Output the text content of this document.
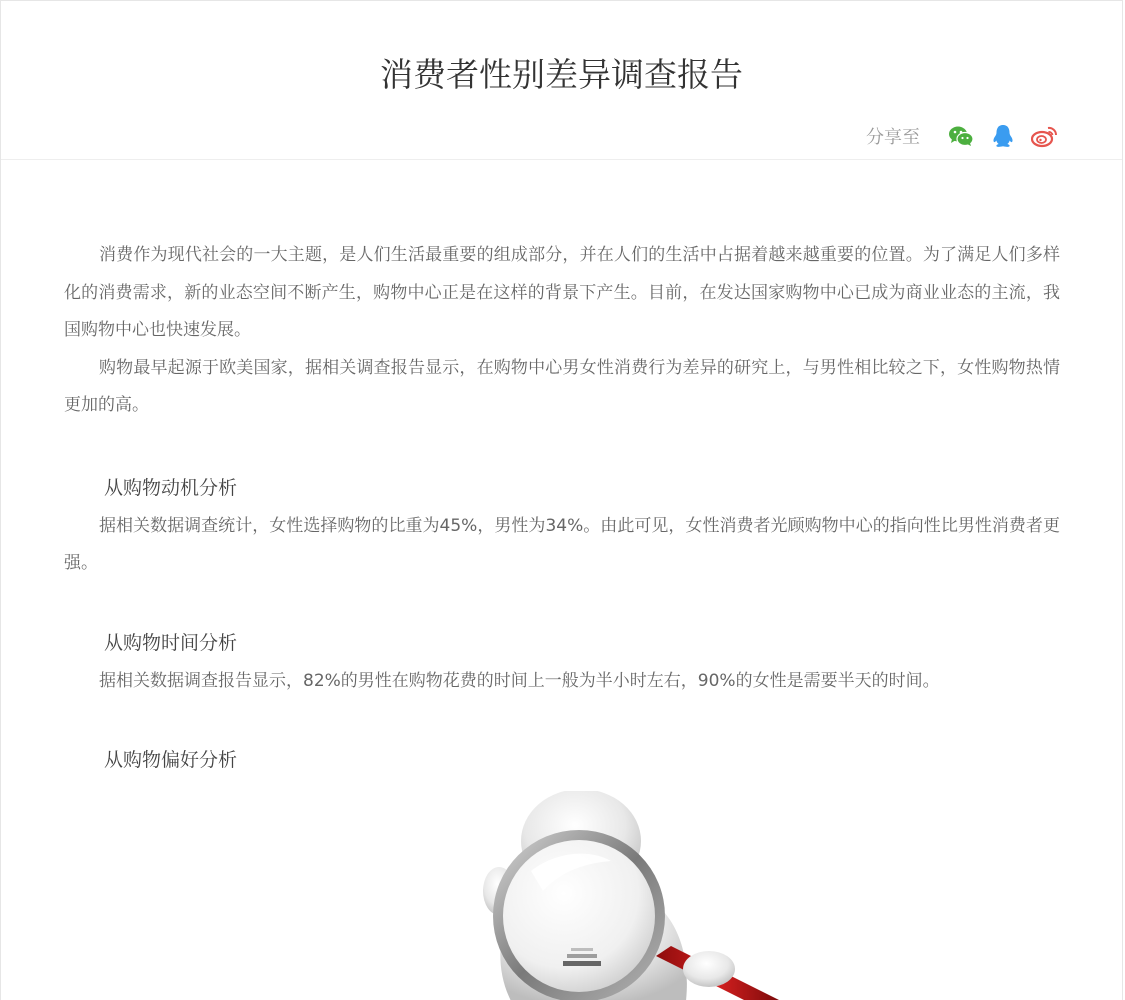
消费者性别差异调查报告
分享至

消费作为现代社会的一大主题，是人们生活最重要的组成部分，并在人们的生活中占据着越来越重要的位置。为了满足人们多样化的消费需求，新的业态空间不断产生，购物中心正是在这样的背景下产生。目前，在发达国家购物中心已成为商业业态的主流，我国购物中心也快速发展。

购物最早起源于欧美国家，据相关调查报告显示，在购物中心男女性消费行为差异的研究上，与男性相比较之下，女性购物热情更加的高。

从购物动机分析

据相关数据调查统计，女性选择购物的比重为45%，男性为34%。由此可见，女性消费者光顾购物中心的指向性比男性消费者更强。

从购物时间分析

据相关数据调查报告显示，82%的男性在购物花费的时间上一般为半小时左右，90%的女性是需要半天的时间。

从购物偏好分析
